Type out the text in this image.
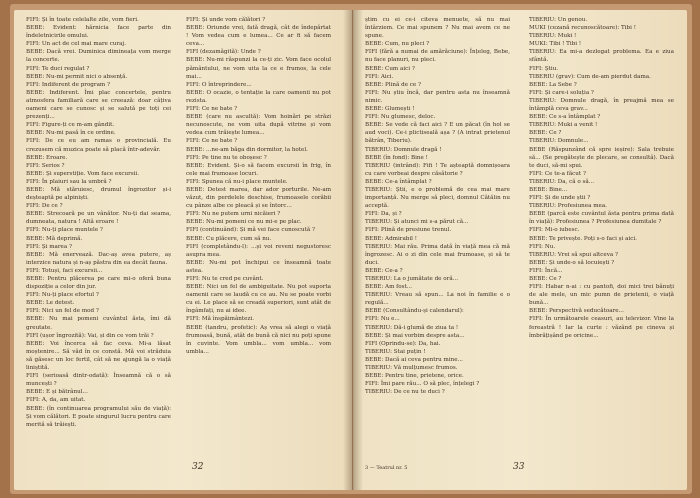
FIFI: Și în toate celelalte zile, vom fieri.

BEBE: Evident: hărnicia face parte din îndeletnicirile omului.

FIFI: Un act de cel mai mare curaj.

BEBE: Dacă vrei. Duminica dimineața vom merge la concerte.

FIFI: Te duci regulat ?

BEBE: Nu-mi permit nici o absență.

FIFI: Indiferent de program ?

BEBE: Indiferent. Îmi plac concertele, pentru atmosfera familiară care se creează: doar câțiva oameni care se cunosc și se salută pe toți cei prezenți...

FIFI: Figure-ți ce m-am gândit.

BEBE: Nu-mi pasă în ce ordine.

FIFI: De ce eu am ramas o provincială. Eu crezusem că muzica poate să placă într-adevăr.

BEBE: Eroare.

FIFI: Serios ?

BEBE: Și superstiție. Vom face excursii.

FIFI: În plaiuri sau la umbră ?

BEBE: Mă stăruiesc, drumul îngrozitor și-i deșteaptă pe alpiniști.

FIFI: De ce ?

BEBE: Strecoară pe un vânător. Nu-ți dai seama, dumneata, natura ! Altă eroare !

FIFI: Nu-ți place muntele ?

BEBE: Mă deprimă.

FIFI: Și marea ?

BEBE: Mă enervează. Dac-aș avea putere, aș interzice natura și n-aș păstra din ea decât fauna.

FIFI: Totuși, faci excursii...

BEBE: Pentru plăcerea pe care mi-o oferă buna dispoziție a celor din jur.

FIFI: Nu-ți place efortul ?

BEBE: Le detest.

FIFI: Nici un fel de mod ?

BEBE: Nu mai pomeni cuvântul ăsta, îmi dă greutate.

FIFI (ușor îngrozită): Vai, și din ce vom trăi ?

BEBE: Voi încerca să fac ceva. Mi-a lăsat moștenire... Să văd în ce constă. Mă voi străduia să găsesc un loc fertil, cât să ne ajungă la o viață liniștită.

FIFI (serioasă dintr-odată): Înseamnă că o să muncești ?

BEBE: E și bătrânul...

FIFI: A, da, am uitat.

BEBE: (în continuarea programului său de viață): Și vom călători. E poate singurul lucru pentru care merită să trăiești.

FIFI: Și unde vom călători ?

BEBE: Oriunde vrei, fată dragă, cât de îndepărtat ! Vom vedea cum e lumea... Ce ar fi să facem ceva...

FIFI (dezamăgită): Unde ?

BEBE: Nu-mi răspunzi la ce-ți zic. Vom face ocolul pământului, ne vom uita la ce e frumos, la cele mai...

FIFI: O întreprindere...

BEBE: O ocazie, o tentație la care oamenii nu pot rezista.

FIFI: Ce ne bate ?

BEBE (care nu ascultă): Vom hoinări pe străzi necunoscute, ne vom uita după vitrine și vom vedea cum trăiește lumea...

FIFI: Ce ne bate ?

BEBE: ...ne-am băga din dormitor, la hotel.

FIFI: Pe tine nu te oboșesc ?

BEBE: Evident. Și-o să facem excursii în frig, în cele mai frumoase locuri.

FIFI: Spunea că nu-i place muntele.

BEBE: Detest marea, dar ador porturile. Ne-am văzut, din perdelele deschise, frumoasele corăbii cu pânze albe ce pleacă și se întorc...

FIFI: Nu ne putem urni nicăieri ?

BEBE: Nu-mi pomeni ce nu mi-e pe plac.

FIFI (continuând): Și mă vei face cunoscută ?

BEBE: Cu plăcere, cum să nu.

FIFI (completându-l): ...și voi reveni negustoresc asupra mea.

BEBE: Nu-mi pot închipui ce înseamnă toate astea.

FIFI: Nu te cred pe cuvânt.

BEBE: Nici un fel de ambiguitate. Nu pot suporta oamenii care se laudă cu ce au. Nu se poate vorbi cu ei. Le place să se creadă superiori, sunt atât de îngâmfați, nu ai idee.

FIFI: Mă înspăimântezi.

BEBE (tandru, profetic): Aș vrea să alegi o viață frumoasă, bună, atât de bună că nici nu poți spune în cuvinte. Vom umbla... vom umbla... vom umbla...

32

știm cu ei ce-i citeva menuete, să nu mai întârziem. Ce mai spunem ? Nu mai avem ce ne spune.

BEBE: Cum, nu pleci ?

FIFI (fără a numai de amărăciune): Înțeleg, Bebe, nu face planuri, nu pleci.

BEBE: Cum aici ?

FIFI: Aici.

BEBE: Plină de ce ?

FIFI: Nu știu încă, dar pentru asta nu înseamnă nimic.

BEBE: Glumești !

FIFI: Nu glumesc, deloc.

BEBE: Se vede că faci aici ? E un păcat (în hol se aud voci). Ce-i plictiseală așa ? (A intrat prietenul bătrân, Tiberiu).

TIBERIU: Domnule dragă !

BEBE (în fond): Bine !

TIBERIU (intrând): Fifi ! Te așteaptă domnișoara cu care vorbeai despre căsătorie ?

BEBE: Ce-a întâmplat ?

TIBERIU: Știi, e o problemă de cea mai mare importanță. Nu merge să pleci, domnul Cătălin nu acceptă.

FIFI: Da, și ?

TIBERIU: Și atunci mi s-a părut că...

FIFI: Plină de presiune trenul.

BEBE: Admirabil !

TIBERIU: Mai rău. Prima dată în viață mea că mă îngrozesc. Ai o zi din cele mai frumoase, și să te duci.

BEBE: Ce-a ?

TIBERIU: La o jumătate de oră...

BEBE: Am fost...

TIBERIU: Vreau să spun... La noi în familie e o regulă...

BEBE (Consultându-și calendarul):

FIFI: Nu e...

TIBERIU: Dă-i glumă de ziua ta !

BEBE: Și mai vorbim despre asta...

FIFI (Oprindu-se): Da, hai.

TIBERIU: Stai puțin !

BEBE: Dacă ai ceva pentru mine...

TIBERIU: Vă mulțumesc frumos.

BEBE: Pentru tine, prietene, orice.

FIFI: Îmi pare rău... O să plec, înțelegi ?

TIBERIU: De ce nu te duci ?

TIBERIU: Un genou.

MUKI (cezană recunoscătoare): Tibi !

TIBERIU: Muki !

MUKI: Tibi ! Tibi !

TIBERIU: Ea mi-a dezlegat problema. Ea e ziua sfântă.

FIFI: Știu.

TIBERIU (grav): Cum de-am pierdut dama.

BEBE: La Sebe ?

FIFI: Și care-i soluția ?

TIBERIU: Domnule dragă, în preajmă mea se întâmplă ceva grav...

BEBE: Ce s-a întâmplat ?

TIBERIU: Muki a venit !

BEBE: Ce ?

TIBERIU: Domnule...

BEBE (Răspunzând că spre ieșire): Sala trebuie să... (Se pregătește de plecare, se consultă). Dacă te duci, să-mi spui.

FIFI: Ce te-a făcut ?

TIBERIU: Da, că o să...

BEBE: Bine...

FIFI: Și de unde știi ?

TIBERIU: Profesiunea mea.

BEBE (parcă este cuvântul ăsta pentru prima dată în viață): Profesiunea ? Profesiunea dumitale ?

FIFI: Mi-o iubesc.

BEBE: Te privește. Poți s-o faci și aici.

FIFI: Nu.

TIBERIU: Vrei să spui altceva ?

BEBE: Și unde-o să locuiești ?

FIFI: Încă...

BEBE: Ce ?

FIFI: Habar n-ai : cu pantofi, doi mici trei bănuți de ale mele, un mic pumn de prietenii, o viață bună...

BEBE: Perspectivă seducătoare...

FIFI: În următoarele ceasuri, au televizor. Vine la fereastră ! Iar la curte : văzând pe cineva și îmbrățișând pe oricine...

3 — Teatrul nr. 5	33
